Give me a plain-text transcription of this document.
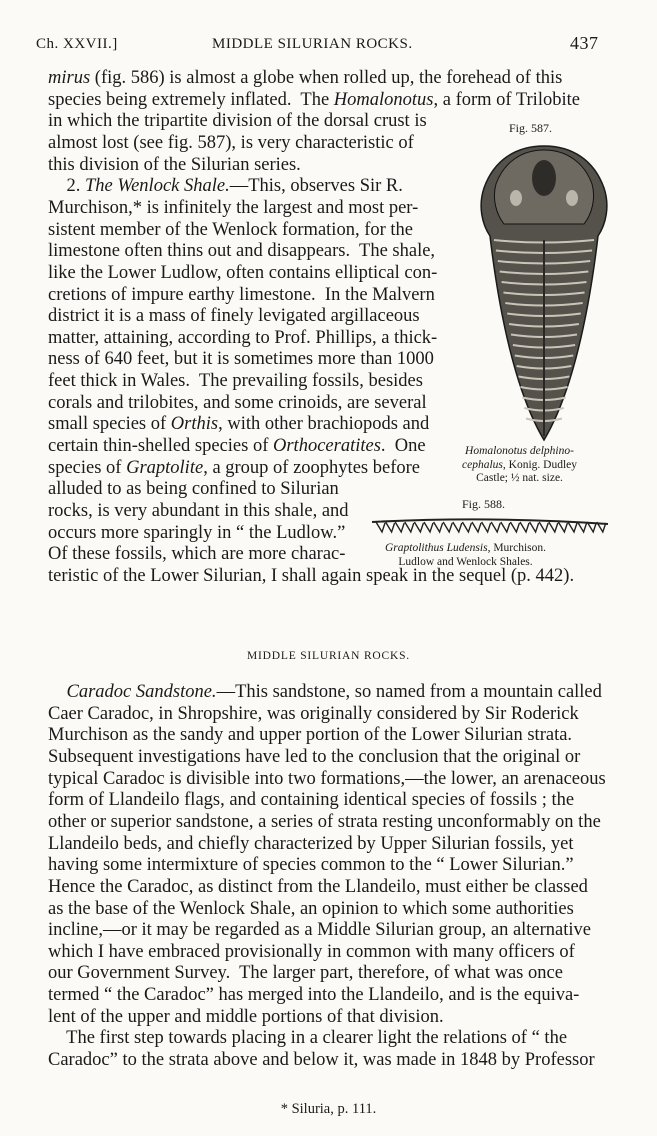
Ch. XXVII.]	MIDDLE SILURIAN ROCKS.	437
mirus (fig. 586) is almost a globe when rolled up, the forehead of this
species being extremely inflated.  The Homalonotus, a form of Trilobite
in which the tripartite division of the dorsal crust is
almost lost (see fig. 587), is very characteristic of
this division of the Silurian series.
2. The Wenlock Shale.—This, observes Sir R.
Murchison,* is infinitely the largest and most per-
sistent member of the Wenlock formation, for the
limestone often thins out and disappears.  The shale,
like the Lower Ludlow, often contains elliptical con-
cretions of impure earthy limestone.  In the Malvern
district it is a mass of finely levigated argillaceous
matter, attaining, according to Prof. Phillips, a thick-
ness of 640 feet, but it is sometimes more than 1000
feet thick in Wales.  The prevailing fossils, besides
corals and trilobites, and some crinoids, are several
small species of Orthis, with other brachiopods and
certain thin-shelled species of Orthoceratites.  One
species of Graptolite, a group of zoophytes before
alluded to as being confined to Silurian
rocks, is very abundant in this shale, and
occurs more sparingly in “ the Ludlow.”
Of these fossils, which are more charac-
teristic of the Lower Silurian, I shall again speak in the sequel (p. 442).
Fig. 587.
Homalonotus delphino-
cephalus, Konig. Dudley
Castle; ½ nat. size.
Fig. 588.
Graptolithus Ludensis, Murchison.
Ludlow and Wenlock Shales.
MIDDLE SILURIAN ROCKS.
Caradoc Sandstone.—This sandstone, so named from a mountain called
Caer Caradoc, in Shropshire, was originally considered by Sir Roderick
Murchison as the sandy and upper portion of the Lower Silurian strata.
Subsequent investigations have led to the conclusion that the original or
typical Caradoc is divisible into two formations,—the lower, an arenaceous
form of Llandeilo flags, and containing identical species of fossils ; the
other or superior sandstone, a series of strata resting unconformably on the
Llandeilo beds, and chiefly characterized by Upper Silurian fossils, yet
having some intermixture of species common to the “ Lower Silurian.”
Hence the Caradoc, as distinct from the Llandeilo, must either be classed
as the base of the Wenlock Shale, an opinion to which some authorities
incline,—or it may be regarded as a Middle Silurian group, an alternative
which I have embraced provisionally in common with many officers of
our Government Survey.  The larger part, therefore, of what was once
termed “ the Caradoc” has merged into the Llandeilo, and is the equiva-
lent of the upper and middle portions of that division.
The first step towards placing in a clearer light the relations of “ the
Caradoc” to the strata above and below it, was made in 1848 by Professor
* Siluria, p. 111.
